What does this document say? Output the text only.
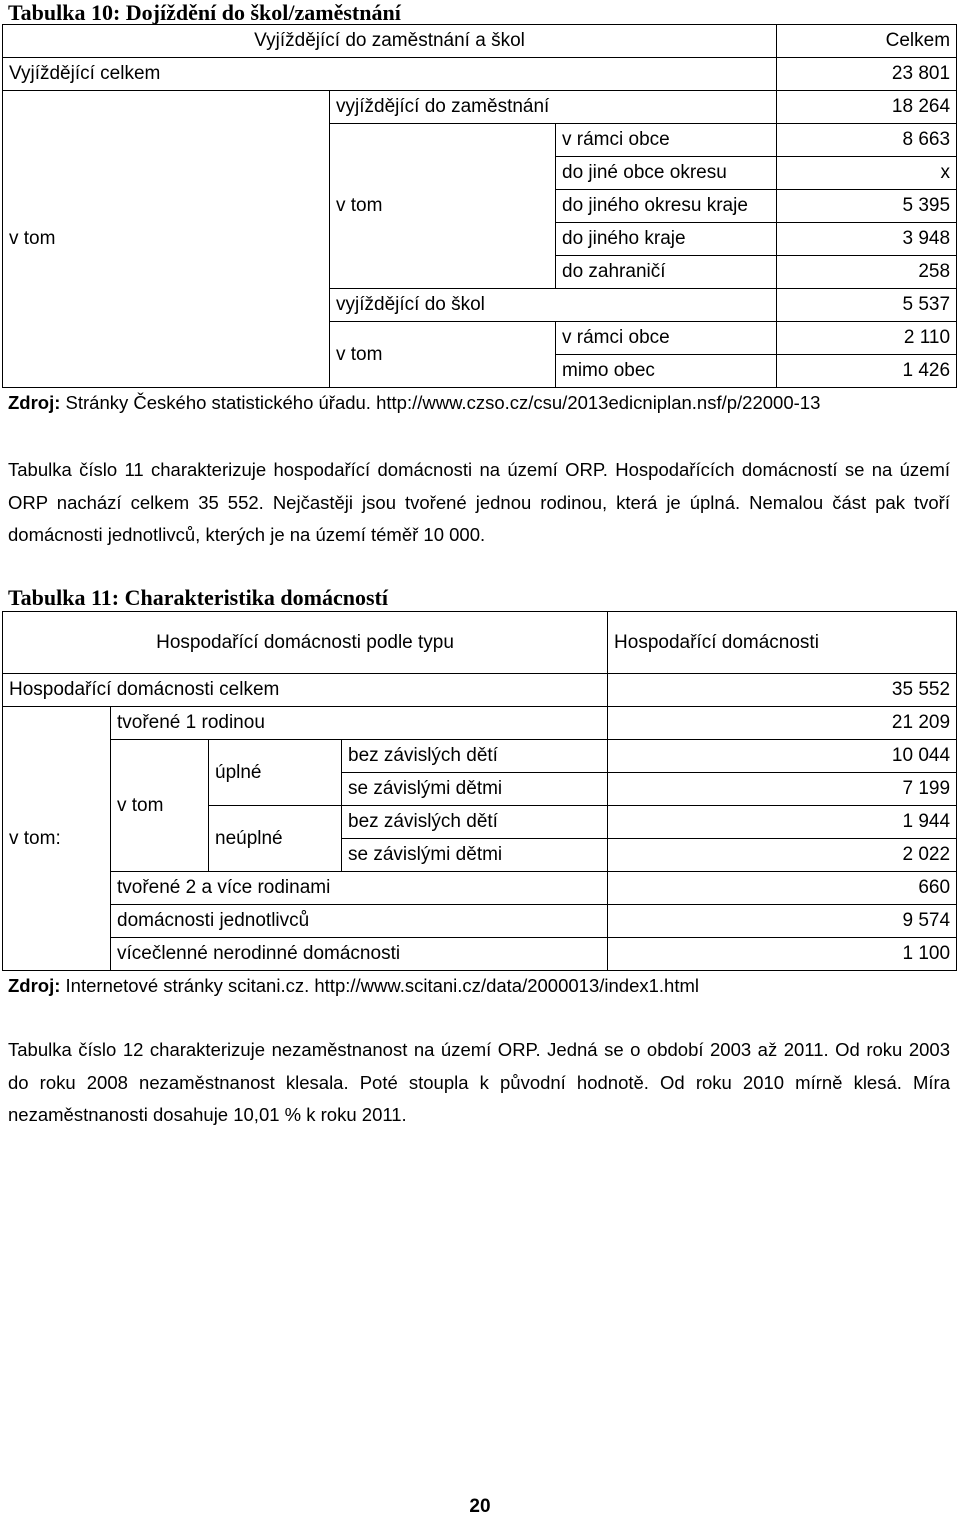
Tabulka 10: Dojíždění do škol/zaměstnání
Vyjíždějící do zaměstnání a škol			Celkem
Vyjíždějící celkem			23 801
v tom	vyjíždějící do zaměstnání		18 264
	v tom	v rámci obce	8 663
		do jiné obce okresu	x
		do jiného okresu kraje	5 395
		do jiného kraje	3 948
		do zahraničí	258
	vyjíždějící do škol		5 537
	v tom	v rámci obce	2 110
		mimo obec	1 426
Zdroj: Stránky Českého statistického úřadu. http://www.czso.cz/csu/2013edicniplan.nsf/p/22000-13
Tabulka číslo 11 charakterizuje hospodařící domácnosti na území ORP. Hospodařících domácností se na území ORP nachází celkem 35 552. Nejčastěji jsou tvořené jednou rodinou, která je úplná. Nemalou část pak tvoří domácnosti jednotlivců, kterých je na území téměř 10 000.
Tabulka 11: Charakteristika domácností
Hospodařící domácnosti podle typu				Hospodařící domácnosti
Hospodařící domácnosti celkem				35 552
v tom:	tvořené 1 rodinou			21 209
	v tom	úplné	bez závislých dětí	10 044
			se závislými dětmi	7 199
		neúplné	bez závislých dětí	1 944
			se závislými dětmi	2 022
	tvořené 2 a více rodinami			660
	domácnosti jednotlivců			9 574
	vícečlenné nerodinné domácnosti			1 100
Zdroj: Internetové stránky scitani.cz. http://www.scitani.cz/data/2000013/index1.html
Tabulka číslo 12 charakterizuje nezaměstnanost na území ORP. Jedná se o období 2003 až 2011. Od roku 2003 do roku 2008 nezaměstnanost klesala. Poté stoupla k původní hodnotě. Od roku 2010 mírně klesá. Míra nezaměstnanosti dosahuje 10,01 % k roku 2011.
20
